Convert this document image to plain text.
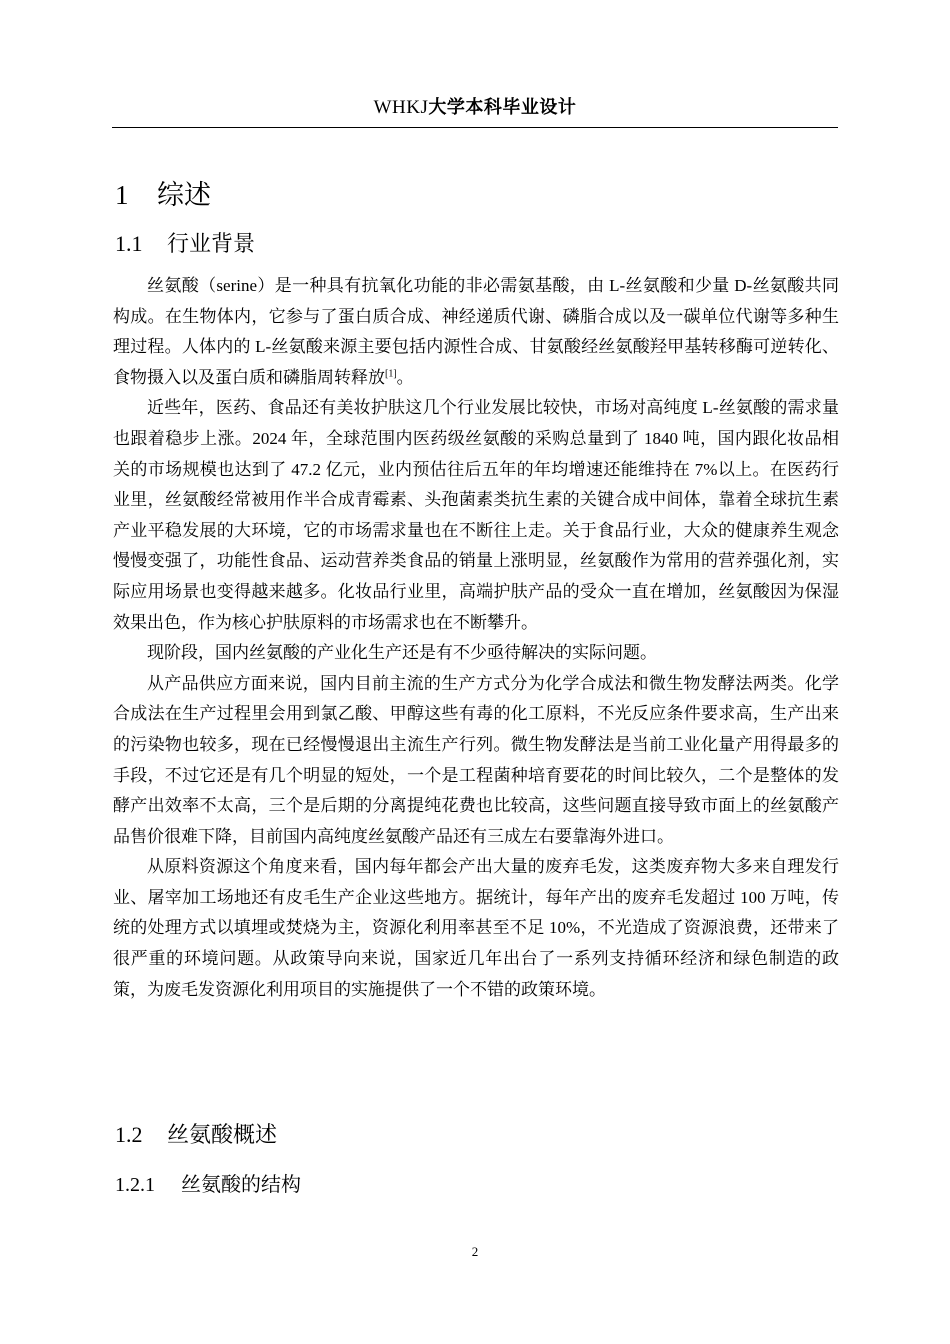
WHKJ大学本科毕业设计
1 综述
1.1 行业背景

丝氨酸（serine）是一种具有抗氧化功能的非必需氨基酸，由 L-丝氨酸和少量 D-丝氨酸共同构成。在生物体内，它参与了蛋白质合成、神经递质代谢、磷脂合成以及一碳单位代谢等多种生理过程。人体内的 L-丝氨酸来源主要包括内源性合成、甘氨酸经丝氨酸羟甲基转移酶可逆转化、食物摄入以及蛋白质和磷脂周转释放[1]。

近些年，医药、食品还有美妆护肤这几个行业发展比较快，市场对高纯度 L-丝氨酸的需求量也跟着稳步上涨。2024 年，全球范围内医药级丝氨酸的采购总量到了 1840 吨，国内跟化妆品相关的市场规模也达到了 47.2 亿元，业内预估往后五年的年均增速还能维持在 7%以上。在医药行业里，丝氨酸经常被用作半合成青霉素、头孢菌素类抗生素的关键合成中间体，靠着全球抗生素产业平稳发展的大环境，它的市场需求量也在不断往上走。关于食品行业，大众的健康养生观念慢慢变强了，功能性食品、运动营养类食品的销量上涨明显，丝氨酸作为常用的营养强化剂，实际应用场景也变得越来越多。化妆品行业里，高端护肤产品的受众一直在增加，丝氨酸因为保湿效果出色，作为核心护肤原料的市场需求也在不断攀升。

现阶段，国内丝氨酸的产业化生产还是有不少亟待解决的实际问题。

从产品供应方面来说，国内目前主流的生产方式分为化学合成法和微生物发酵法两类。化学合成法在生产过程里会用到氯乙酸、甲醇这些有毒的化工原料，不光反应条件要求高，生产出来的污染物也较多，现在已经慢慢退出主流生产行列。微生物发酵法是当前工业化量产用得最多的手段，不过它还是有几个明显的短处，一个是工程菌种培育要花的时间比较久，二个是整体的发酵产出效率不太高，三个是后期的分离提纯花费也比较高，这些问题直接导致市面上的丝氨酸产品售价很难下降，目前国内高纯度丝氨酸产品还有三成左右要靠海外进口。

从原料资源这个角度来看，国内每年都会产出大量的废弃毛发，这类废弃物大多来自理发行业、屠宰加工场地还有皮毛生产企业这些地方。据统计，每年产出的废弃毛发超过 100 万吨，传统的处理方式以填埋或焚烧为主，资源化利用率甚至不足 10%，不光造成了资源浪费，还带来了很严重的环境问题。从政策导向来说，国家近几年出台了一系列支持循环经济和绿色制造的政策，为废毛发资源化利用项目的实施提供了一个不错的政策环境。

1.2 丝氨酸概述
1.2.1 丝氨酸的结构
2
